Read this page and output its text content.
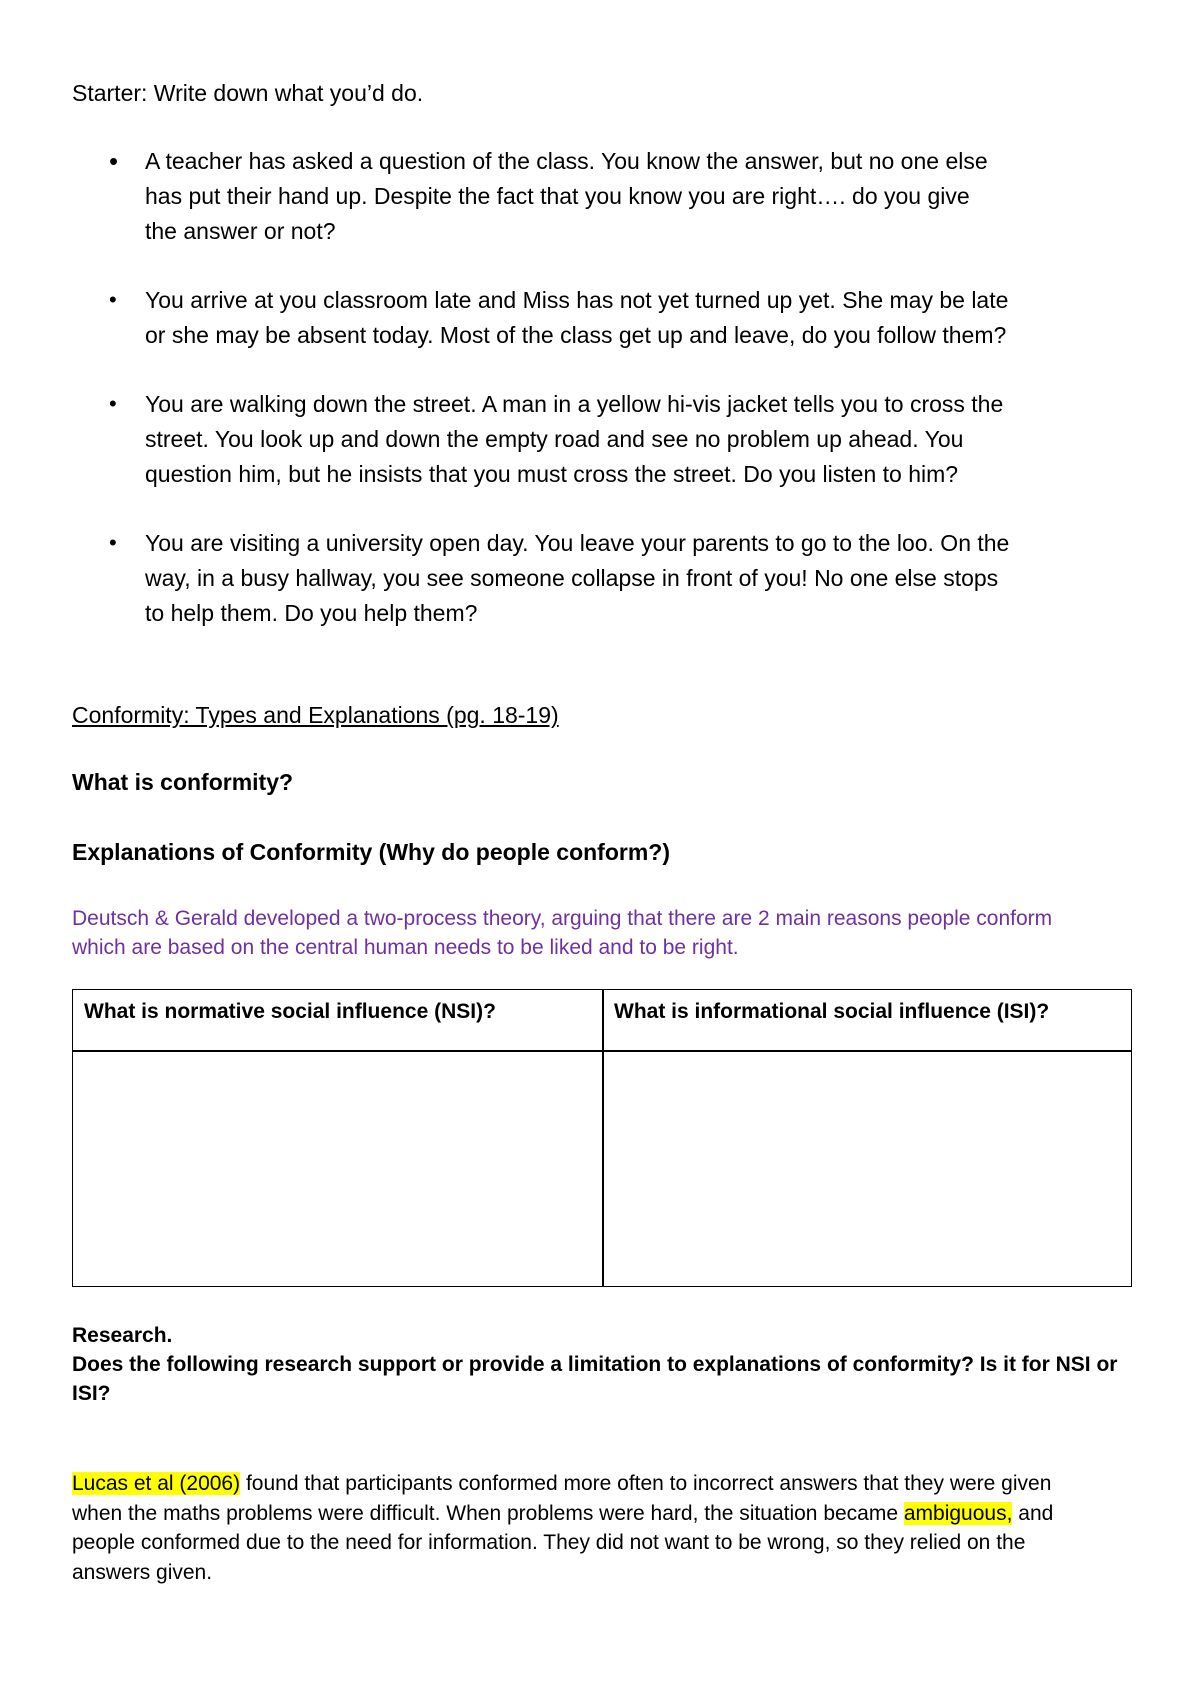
Starter: Write down what you’d do.
• A teacher has asked a question of the class. You know the answer, but no one else
has put their hand up. Despite the fact that you know you are right…. do you give
the answer or not?
• You arrive at you classroom late and Miss has not yet turned up yet. She may be late
or she may be absent today. Most of the class get up and leave, do you follow them?
• You are walking down the street. A man in a yellow hi-vis jacket tells you to cross the
street. You look up and down the empty road and see no problem up ahead. You
question him, but he insists that you must cross the street. Do you listen to him?
• You are visiting a university open day. You leave your parents to go to the loo. On the
way, in a busy hallway, you see someone collapse in front of you! No one else stops
to help them. Do you help them?
Conformity: Types and Explanations (pg. 18-19)
What is conformity?
Explanations of Conformity (Why do people conform?)
Deutsch & Gerald developed a two-process theory, arguing that there are 2 main reasons people conform
which are based on the central human needs to be liked and to be right.
What is normative social influence (NSI)?	What is informational social influence (ISI)?
Research.
Does the following research support or provide a limitation to explanations of conformity? Is it for NSI or
ISI?
Lucas et al (2006) found that participants conformed more often to incorrect answers that they were given
when the maths problems were difficult. When problems were hard, the situation became ambiguous, and
people conformed due to the need for information. They did not want to be wrong, so they relied on the
answers given.
